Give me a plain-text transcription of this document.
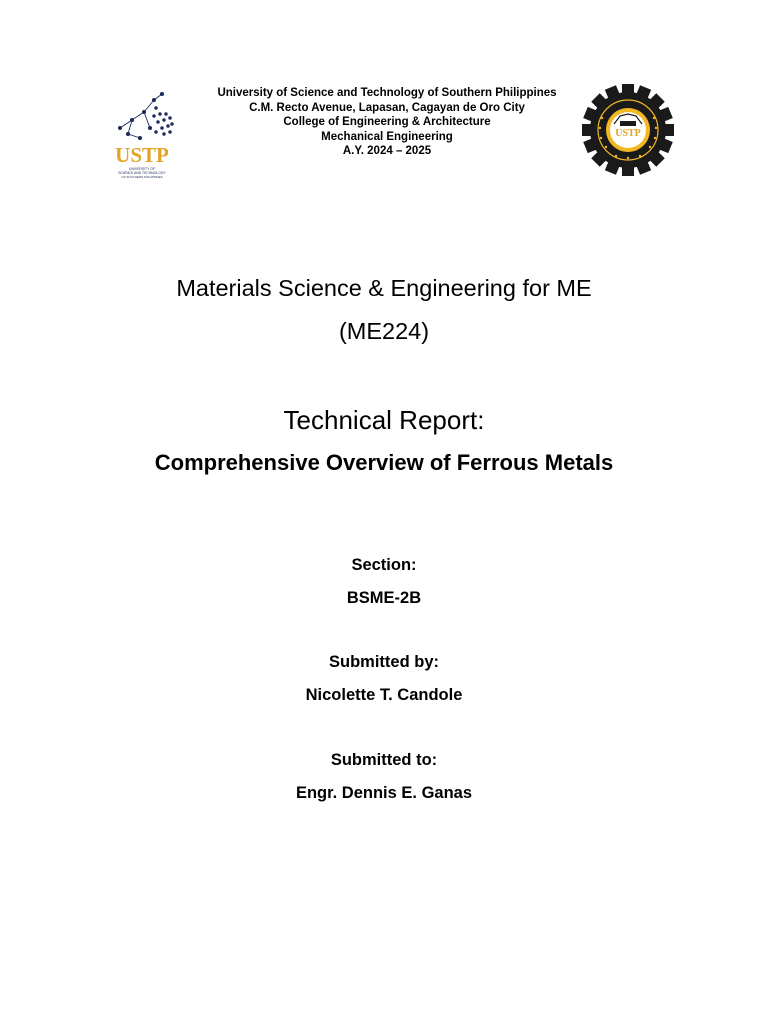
USTP
UNIVERSITY OF
SCIENCE AND TECHNOLOGY
OF SOUTHERN PHILIPPINES
University of Science and Technology of Southern Philippines
C.M. Recto Avenue, Lapasan, Cagayan de Oro City
College of Engineering & Architecture
Mechanical Engineering
A.Y. 2024 – 2025
USTP
Materials Science & Engineering for ME
(ME224)
Technical Report:
Comprehensive Overview of Ferrous Metals
Section:
BSME-2B
Submitted by:
Nicolette T. Candole
Submitted to:
Engr. Dennis E. Ganas
